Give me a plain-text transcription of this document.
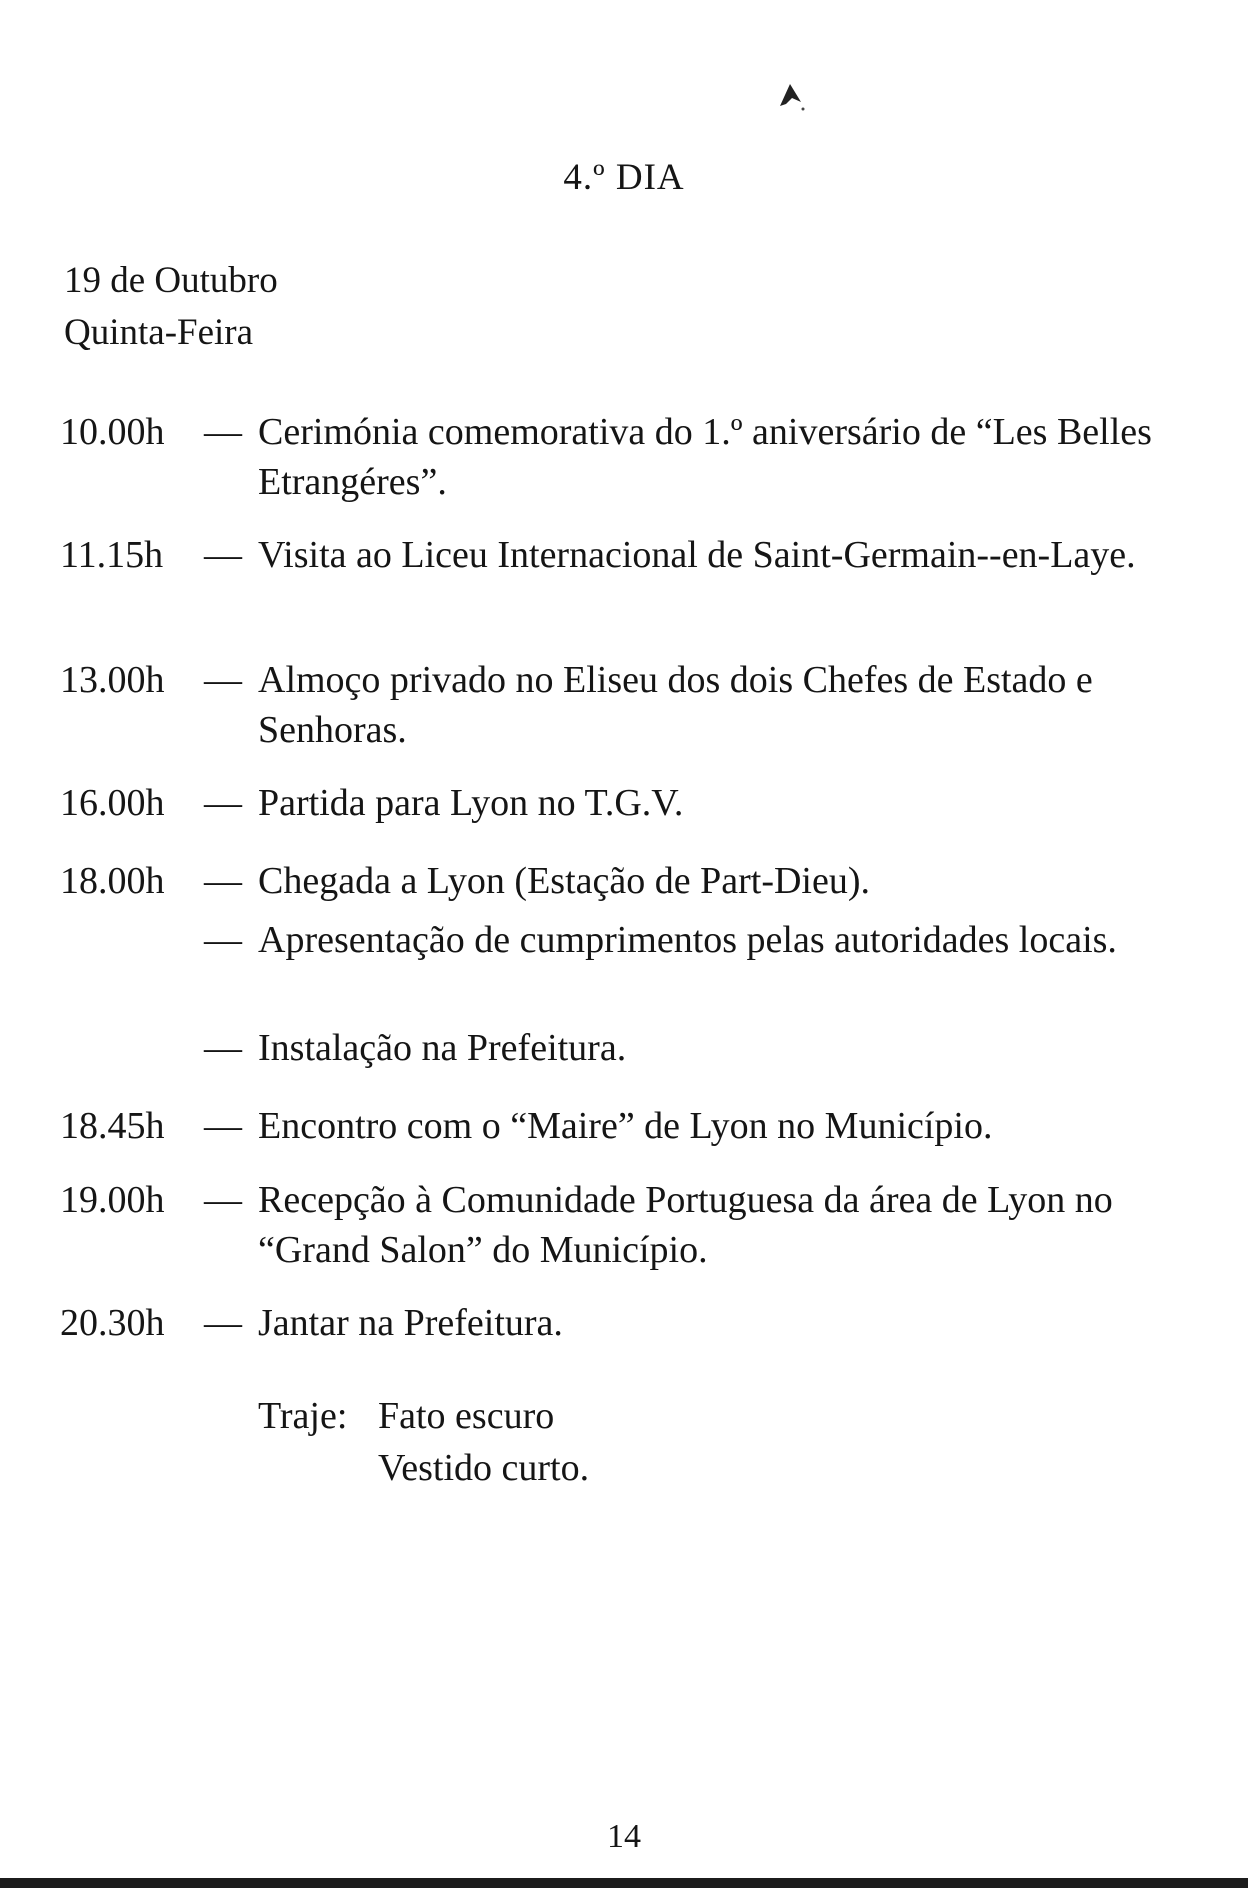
4.º DIA
19 de Outubro
Quinta-Feira
10.00h	— Cerimónia comemorativa do 1.º aniversário de “Les Belles Etrangéres”.
11.15h	— Visita ao Liceu Internacional de Saint-Germain--en-Laye.
13.00h	— Almoço privado no Eliseu dos dois Chefes de Estado e Senhoras.
16.00h	— Partida para Lyon no T.G.V.
18.00h	— Chegada a Lyon (Estação de Part-Dieu).
— Apresentação de cumprimentos pelas autoridades locais.
— Instalação na Prefeitura.
18.45h	— Encontro com o “Maire” de Lyon no Município.
19.00h	— Recepção à Comunidade Portuguesa da área de Lyon no “Grand Salon” do Município.
20.30h	— Jantar na Prefeitura.
Traje: Fato escuro
Vestido curto.
14
